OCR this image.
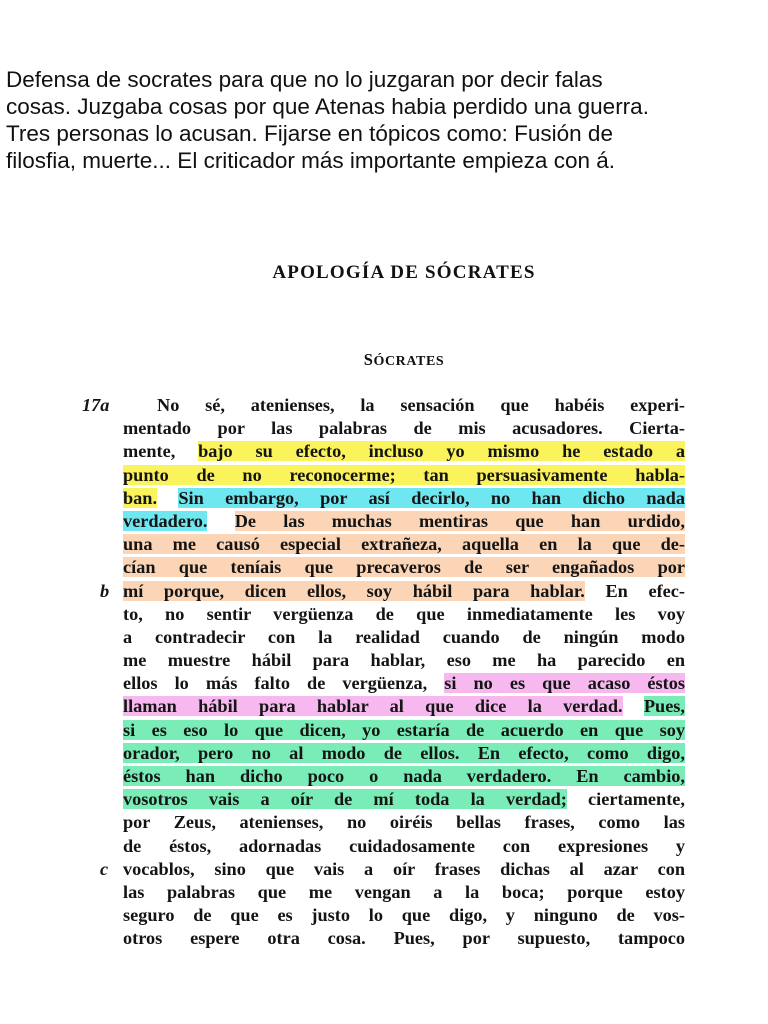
Defensa de socrates para que no lo juzgaran por decir falas
cosas. Juzgaba cosas por que Atenas habia perdido una guerra.
Tres personas lo acusan. Fijarse en tópicos como: Fusión de
filosfia, muerte... El criticador más importante empieza con á.
APOLOGÍA DE SÓCRATES
SÓCRATES
17a
b
c
No sé, atenienses, la sensación que habéis experi-
mentado por las palabras de mis acusadores. Cierta-
mente, bajo su efecto, incluso yo mismo he estado a
punto de no reconocerme; tan persuasivamente habla-
ban. Sin embargo, por así decirlo, no han dicho nada
verdadero. De las muchas mentiras que han urdido,
una me causó especial extrañeza, aquella en la que de-
cían que teníais que precaveros de ser engañados por
mí porque, dicen ellos, soy hábil para hablar. En efec-
to, no sentir vergüenza de que inmediatamente les voy
a contradecir con la realidad cuando de ningún modo
me muestre hábil para hablar, eso me ha parecido en
ellos lo más falto de vergüenza, si no es que acaso éstos
llaman hábil para hablar al que dice la verdad. Pues,
si es eso lo que dicen, yo estaría de acuerdo en que soy
orador, pero no al modo de ellos. En efecto, como digo,
éstos han dicho poco o nada verdadero. En cambio,
vosotros vais a oír de mí toda la verdad; ciertamente,
por Zeus, atenienses, no oiréis bellas frases, como las
de éstos, adornadas cuidadosamente con expresiones y
vocablos, sino que vais a oír frases dichas al azar con
las palabras que me vengan a la boca; porque estoy
seguro de que es justo lo que digo, y ninguno de vos-
otros espere otra cosa. Pues, por supuesto, tampoco
